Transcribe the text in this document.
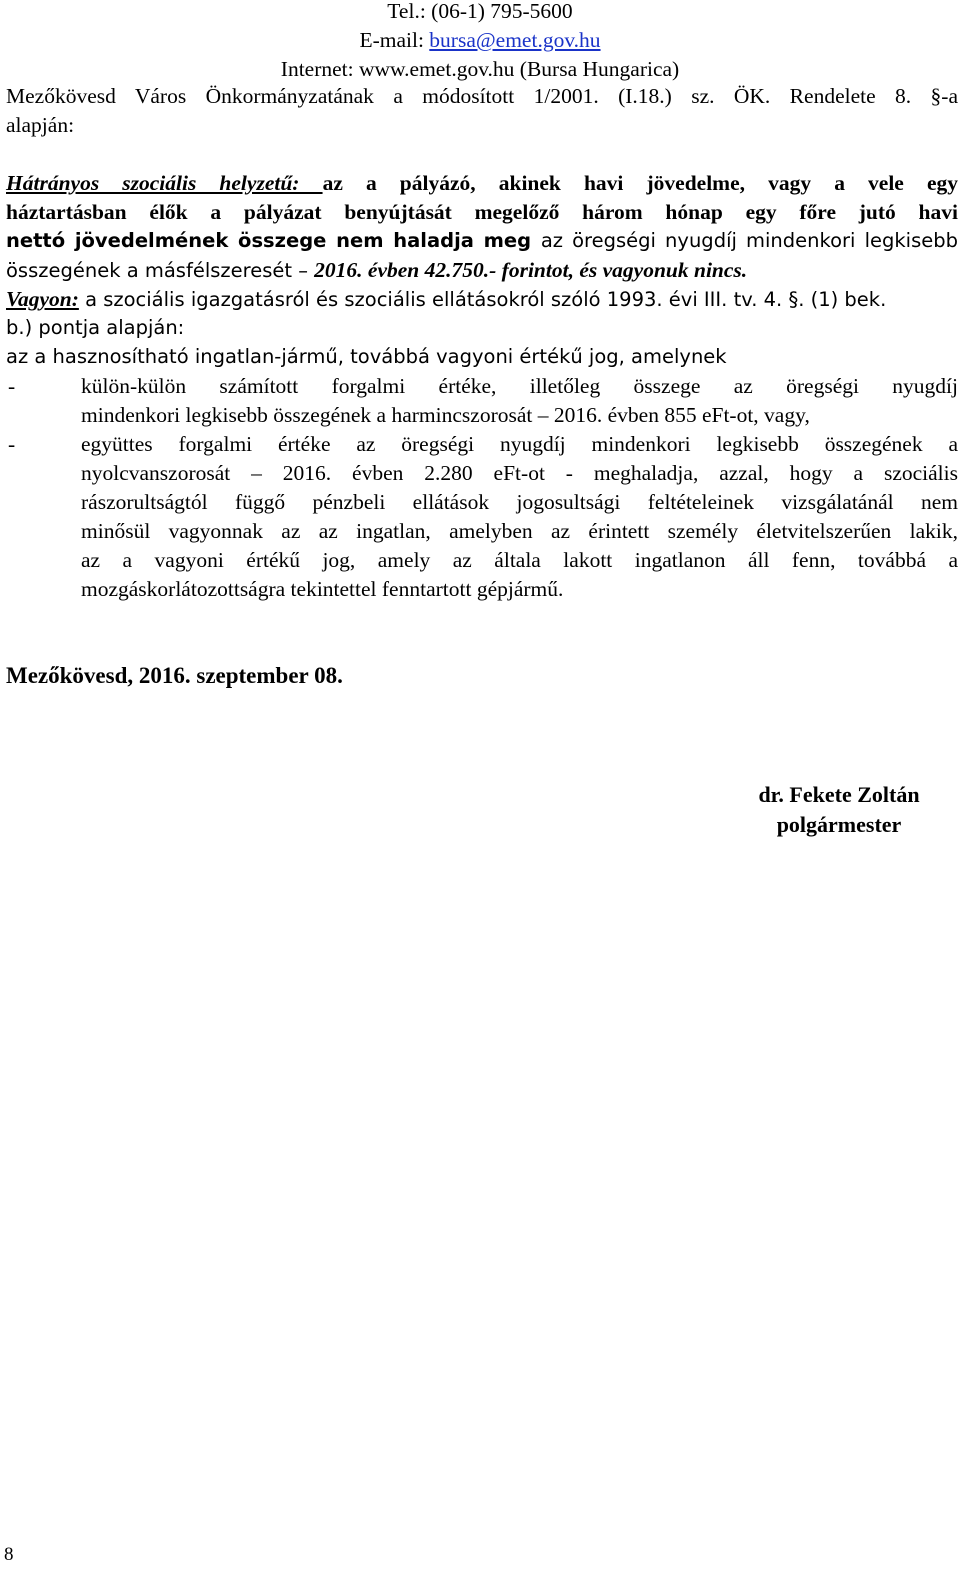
Tel.: (06-1) 795-5600
E-mail: bursa@emet.gov.hu
Internet: www.emet.gov.hu (Bursa Hungarica)
Mezőkövesd Város Önkormányzatának a módosított 1/2001. (I.18.) sz. ÖK. Rendelete 8. §-a
alapján:
Hátrányos szociális helyzetű: az a pályázó, akinek havi jövedelme, vagy a vele egy
háztartásban élők a pályázat benyújtását megelőző három hónap egy főre jutó havi
nettó jövedelmének összege nem haladja meg az öregségi nyugdíj mindenkori legkisebb
összegének a másfélszeresét – 2016. évben 42.750.- forintot, és vagyonuk nincs.
Vagyon: a szociális igazgatásról és szociális ellátásokról szóló 1993. évi III. tv. 4. §. (1) bek.
b.) pontja alapján:
az a hasznosítható ingatlan-jármű, továbbá vagyoni értékű jog, amelynek
-	külön-külön számított forgalmi értéke, illetőleg összege az öregségi nyugdíj
mindenkori legkisebb összegének a harmincszorosát – 2016. évben 855 eFt-ot, vagy,
-	együttes forgalmi értéke az öregségi nyugdíj mindenkori legkisebb összegének a
nyolcvanszorosát – 2016. évben 2.280 eFt-ot - meghaladja, azzal, hogy a szociális
rászorultságtól függő pénzbeli ellátások jogosultsági feltételeinek vizsgálatánál nem
minősül vagyonnak az az ingatlan, amelyben az érintett személy életvitelszerűen lakik,
az a vagyoni értékű jog, amely az általa lakott ingatlanon áll fenn, továbbá a
mozgáskorlátozottságra tekintettel fenntartott gépjármű.
Mezőkövesd, 2016. szeptember 08.
dr. Fekete Zoltán
polgármester
8
